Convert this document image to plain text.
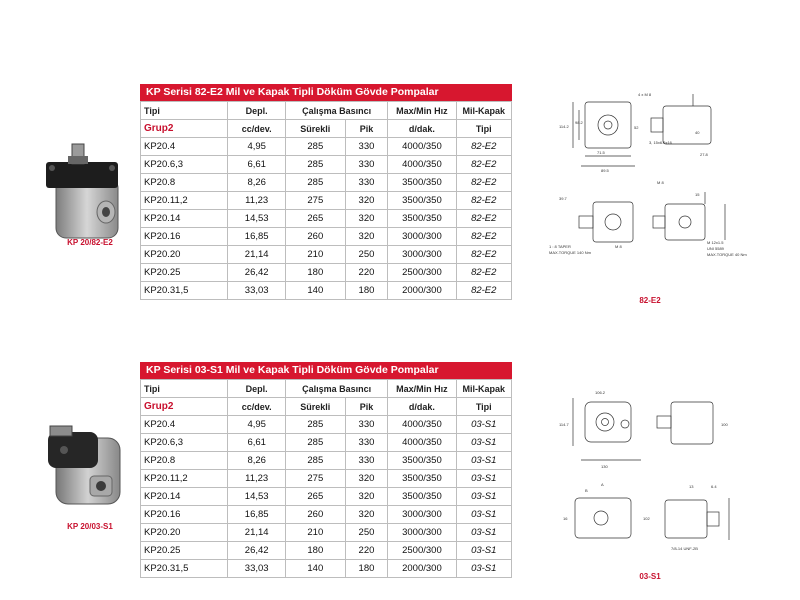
KP 20/82-E2
KP Serisi 82-E2 Mil ve Kapak Tipli Döküm Gövde Pompalar
Tipi	Depl.	Çalışma Basıncı		Max/Min Hız	Mil-Kapak
Grup2	cc/dev.	Sürekli	Pik	d/dak.	Tipi
KP20.4	4,95	285	330	4000/350	82-E2
KP20.6,3	6,61	285	330	4000/350	82-E2
KP20.8	8,26	285	330	3500/350	82-E2
KP20.11,2	11,23	275	320	3500/350	82-E2
KP20.14	14,53	265	320	3500/350	82-E2
KP20.16	16,85	260	320	3000/300	82-E2
KP20.20	21,14	210	250	3000/300	82-E2
KP20.25	26,42	180	220	2500/300	82-E2
KP20.31,5	33,03	140	180	2000/300	82-E2
114.2
98.2
71.5
89.5
52
40
27.8
4 x M 8
3, 15x6.5x16
M 8
15
39.7
MAX.TORQUE 140 Nm
M 8
1 : 8 TAPER
M 12x1.5
UNI 5589
MAX.TORQUE 40 Nm
82-E2
KP 20/03-S1
KP Serisi 03-S1 Mil ve Kapak Tipli Döküm Gövde Pompalar
Tipi	Depl.	Çalışma Basıncı		Max/Min Hız	Mil-Kapak
Grup2	cc/dev.	Sürekli	Pik	d/dak.	Tipi
KP20.4	4,95	285	330	4000/350	03-S1
KP20.6,3	6,61	285	330	4000/350	03-S1
KP20.8	8,26	285	330	3500/350	03-S1
KP20.11,2	11,23	275	320	3500/350	03-S1
KP20.14	14,53	265	320	3500/350	03-S1
KP20.16	16,85	260	320	3000/300	03-S1
KP20.20	21,14	210	250	3000/300	03-S1
KP20.25	26,42	180	220	2500/300	03-S1
KP20.31,5	33,03	140	180	2000/300	03-S1
106.2
114.7
130
100
B
A
16
13	6.4
7/8-14 UNF-2B
102
03-S1
